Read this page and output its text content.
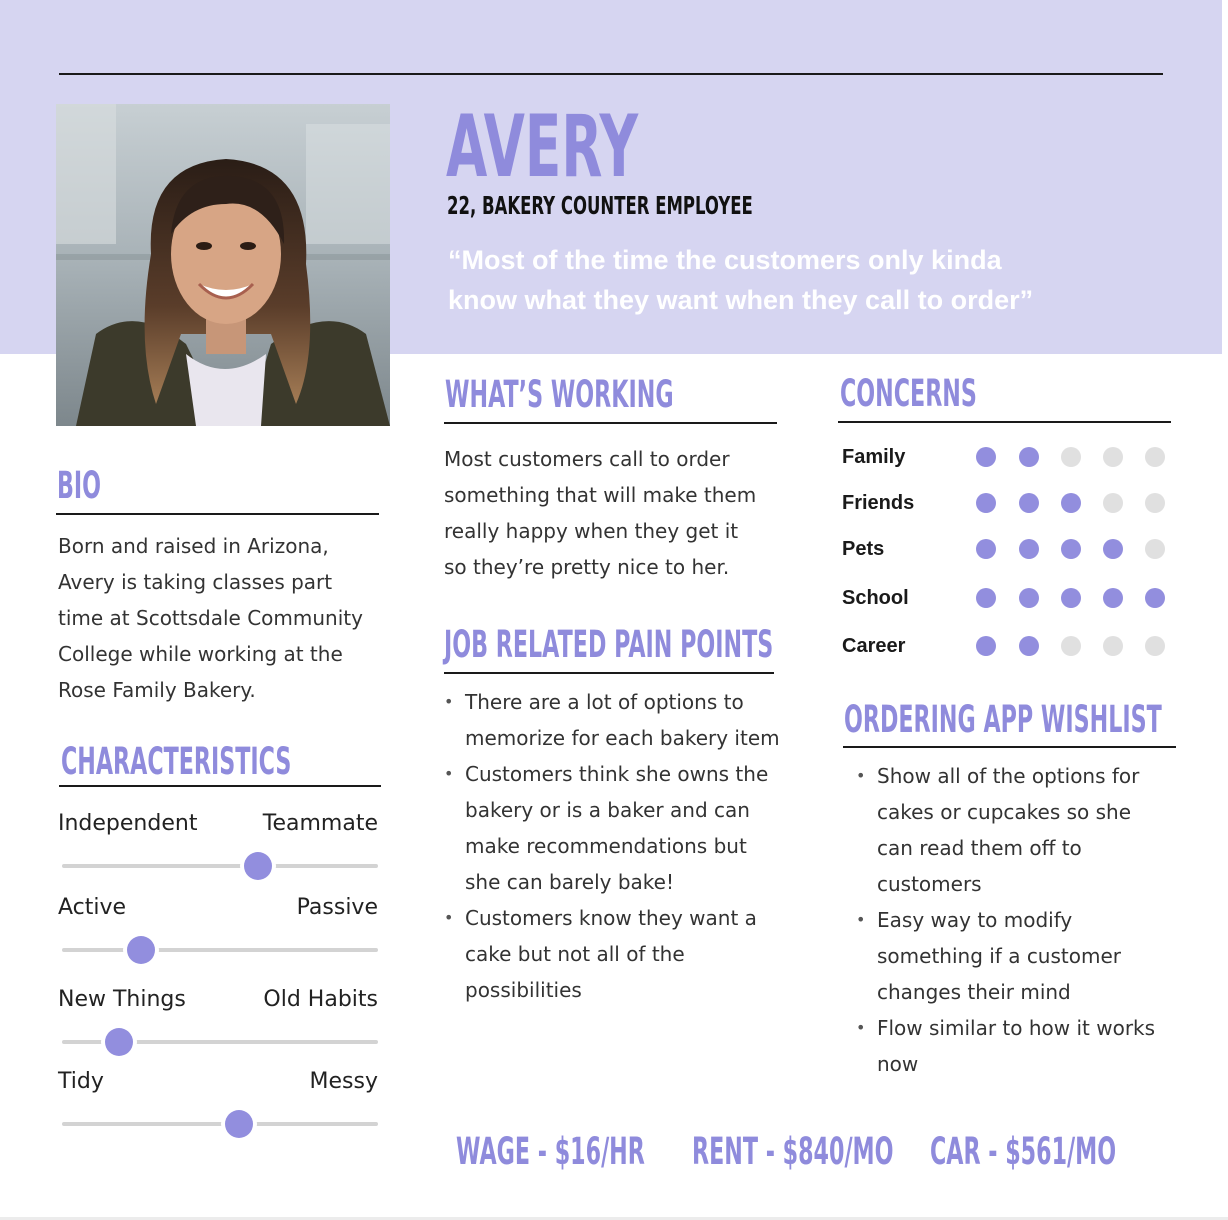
AVERY
22, BAKERY COUNTER EMPLOYEE
“Most of the time the customers only kinda
know what they want when they call to order”
BIO
Born and raised in Arizona,
Avery is taking classes part
time at Scottsdale Community
College while working at the
Rose Family Bakery.
CHARACTERISTICS
Independent	Teammate
Active	Passive
New Things	Old Habits
Tidy	Messy
WHAT’S WORKING
Most customers call to order
something that will make them
really happy when they get it
so they’re pretty nice to her.
JOB RELATED PAIN POINTS
• There are a lot of options to
memorize for each bakery item
• Customers think she owns the
bakery or is a baker and can
make recommendations but
she can barely bake!
• Customers know they want a
cake but not all of the
possibilities
CONCERNS
Family
Friends
Pets
School
Career
ORDERING APP WISHLIST
• Show all of the options for
cakes or cupcakes so she
can read them off to
customers
• Easy way to modify
something if a customer
changes their mind
• Flow similar to how it works
now
WAGE - $16/HR RENT - $840/MO CAR - $561/MO
